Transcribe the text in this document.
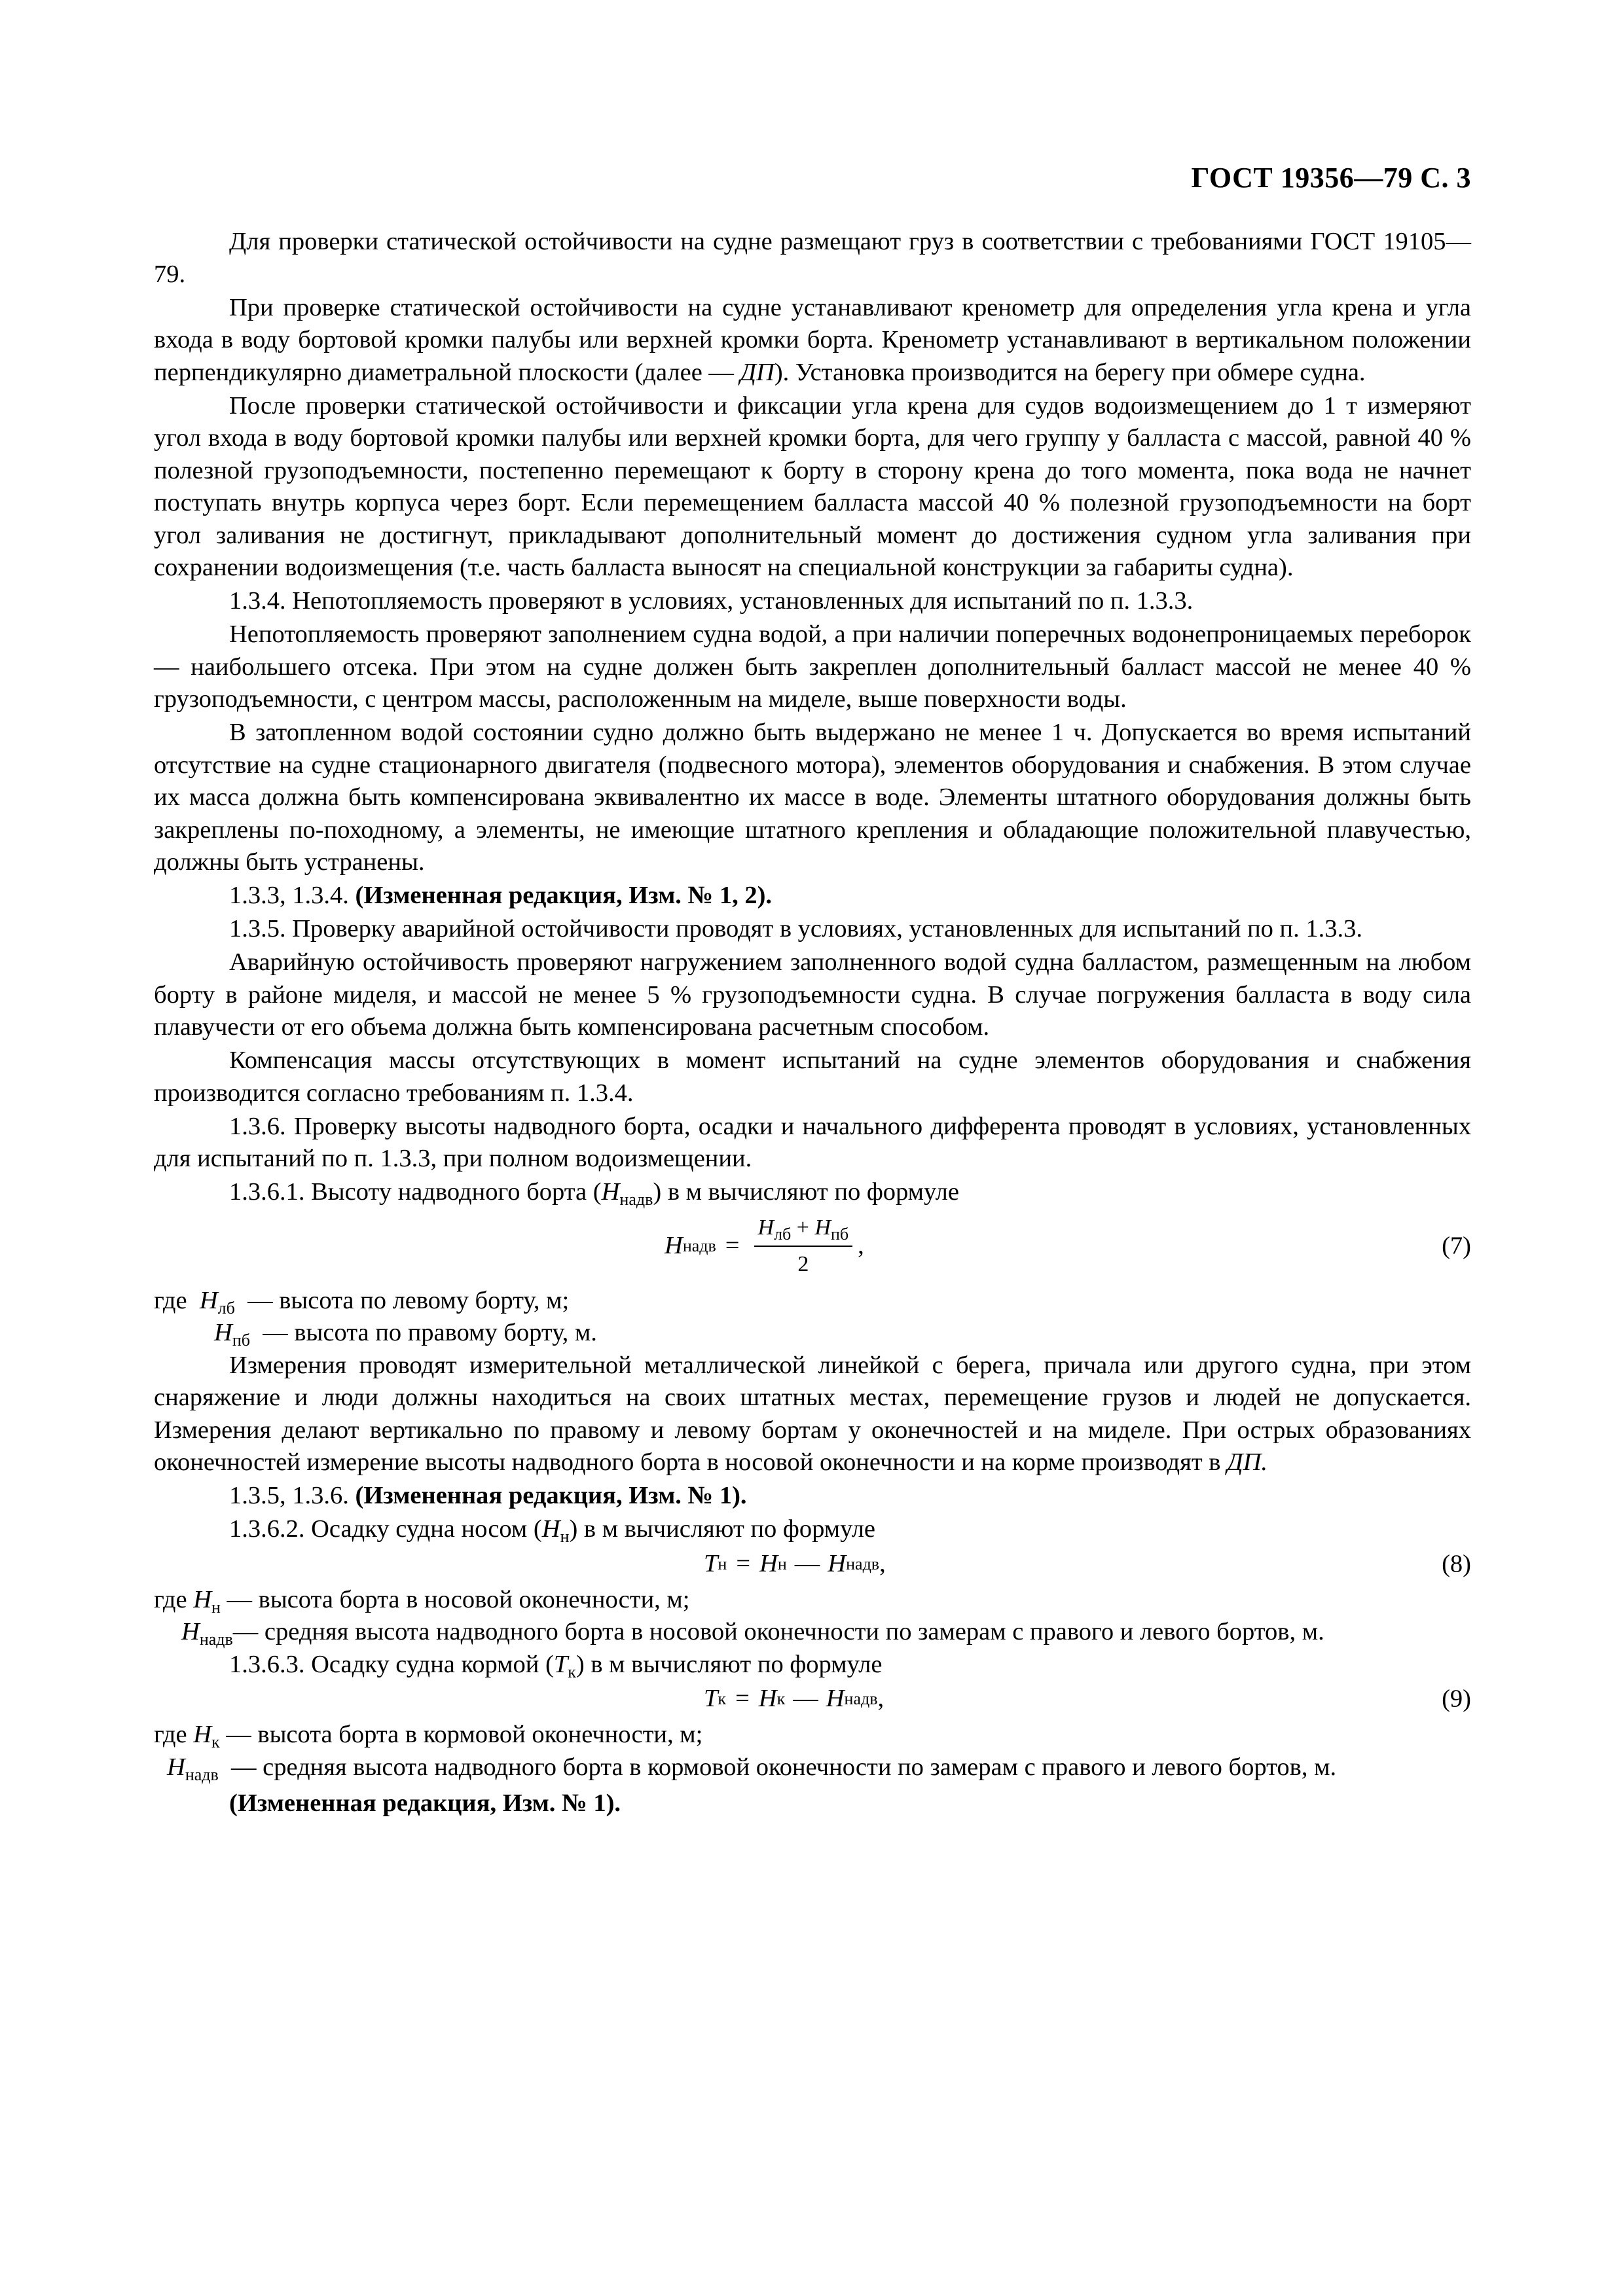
ГОСТ 19356—79 С. 3

Для проверки статической остойчивости на судне размещают груз в соответствии с требованиями ГОСТ 19105—79.

При проверке статической остойчивости на судне устанавливают кренометр для определения угла крена и угла входа в воду бортовой кромки палубы или верхней кромки борта. Кренометр устанавливают в вертикальном положении перпендикулярно диаметральной плоскости (далее — ДП). Установка производится на берегу при обмере судна.

После проверки статической остойчивости и фиксации угла крена для судов водоизмещением до 1 т измеряют угол входа в воду бортовой кромки палубы или верхней кромки борта, для чего группу у балласта с массой, равной 40 % полезной грузоподъемности, постепенно перемещают к борту в сторону крена до того момента, пока вода не начнет поступать внутрь корпуса через борт. Если перемещением балласта массой 40 % полезной грузоподъемности на борт угол заливания не достигнут, прикладывают дополнительный момент до достижения судном угла заливания при сохранении водоизмещения (т.е. часть балласта выносят на специальной конструкции за габариты судна).

1.3.4. Непотопляемость проверяют в условиях, установленных для испытаний по п. 1.3.3.

Непотопляемость проверяют заполнением судна водой, а при наличии поперечных водонепроницаемых переборок — наибольшего отсека. При этом на судне должен быть закреплен дополнительный балласт массой не менее 40 % грузоподъемности, с центром массы, расположенным на миделе, выше поверхности воды.

В затопленном водой состоянии судно должно быть выдержано не менее 1 ч. Допускается во время испытаний отсутствие на судне стационарного двигателя (подвесного мотора), элементов оборудования и снабжения. В этом случае их масса должна быть компенсирована эквивалентно их массе в воде. Элементы штатного оборудования должны быть закреплены по-походному, а элементы, не имеющие штатного крепления и обладающие положительной плавучестью, должны быть устранены.

1.3.3, 1.3.4. (Измененная редакция, Изм. № 1, 2).

1.3.5. Проверку аварийной остойчивости проводят в условиях, установленных для испытаний по п. 1.3.3.

Аварийную остойчивость проверяют нагружением заполненного водой судна балластом, размещенным на любом борту в районе миделя, и массой не менее 5 % грузоподъемности судна. В случае погружения балласта в воду сила плавучести от его объема должна быть компенсирована расчетным способом.

Компенсация массы отсутствующих в момент испытаний на судне элементов оборудования и снабжения производится согласно требованиям п. 1.3.4.

1.3.6. Проверку высоты надводного борта, осадки и начального дифферента проводят в условиях, установленных для испытаний по п. 1.3.3, при полном водоизмещении.

1.3.6.1. Высоту надводного борта $(H_{надв})$ в м вычисляют по формуле

H надв = $\frac{H_{лб} + H_{пб}}{2}$ ,	(7)
где $H_{лб}$ — высота по левому борту, м;
$H_{пб}$ — высота по правому борту, м.

Измерения проводят измерительной металлической линейкой с берега, причала или другого судна, при этом снаряжение и люди должны находиться на своих штатных местах, перемещение грузов и людей не допускается. Измерения делают вертикально по правому и левому бортам у оконечностей и на миделе. При острых образованиях оконечностей измерение высоты надводного борта в носовой оконечности и на корме производят в ДП.

1.3.5, 1.3.6. (Измененная редакция, Изм. № 1).

1.3.6.2. Осадку судна носом $(H_н)$ в м вычисляют по формуле

T н = H н — H надв ,	(8)
где $H_н$ — высота борта в носовой оконечности, м;
$H_{надв}$ — средняя высота надводного борта в носовой оконечности по замерам с правого и левого бортов, м.

1.3.6.3. Осадку судна кормой $(T_к)$ в м вычисляют по формуле

T к = H к — H надв ,	(9)
где $H_к$ — высота борта в кормовой оконечности, м;
$H_{надв}$ — средняя высота надводного борта в кормовой оконечности по замерам с правого и левого бортов, м.

(Измененная редакция, Изм. № 1).
